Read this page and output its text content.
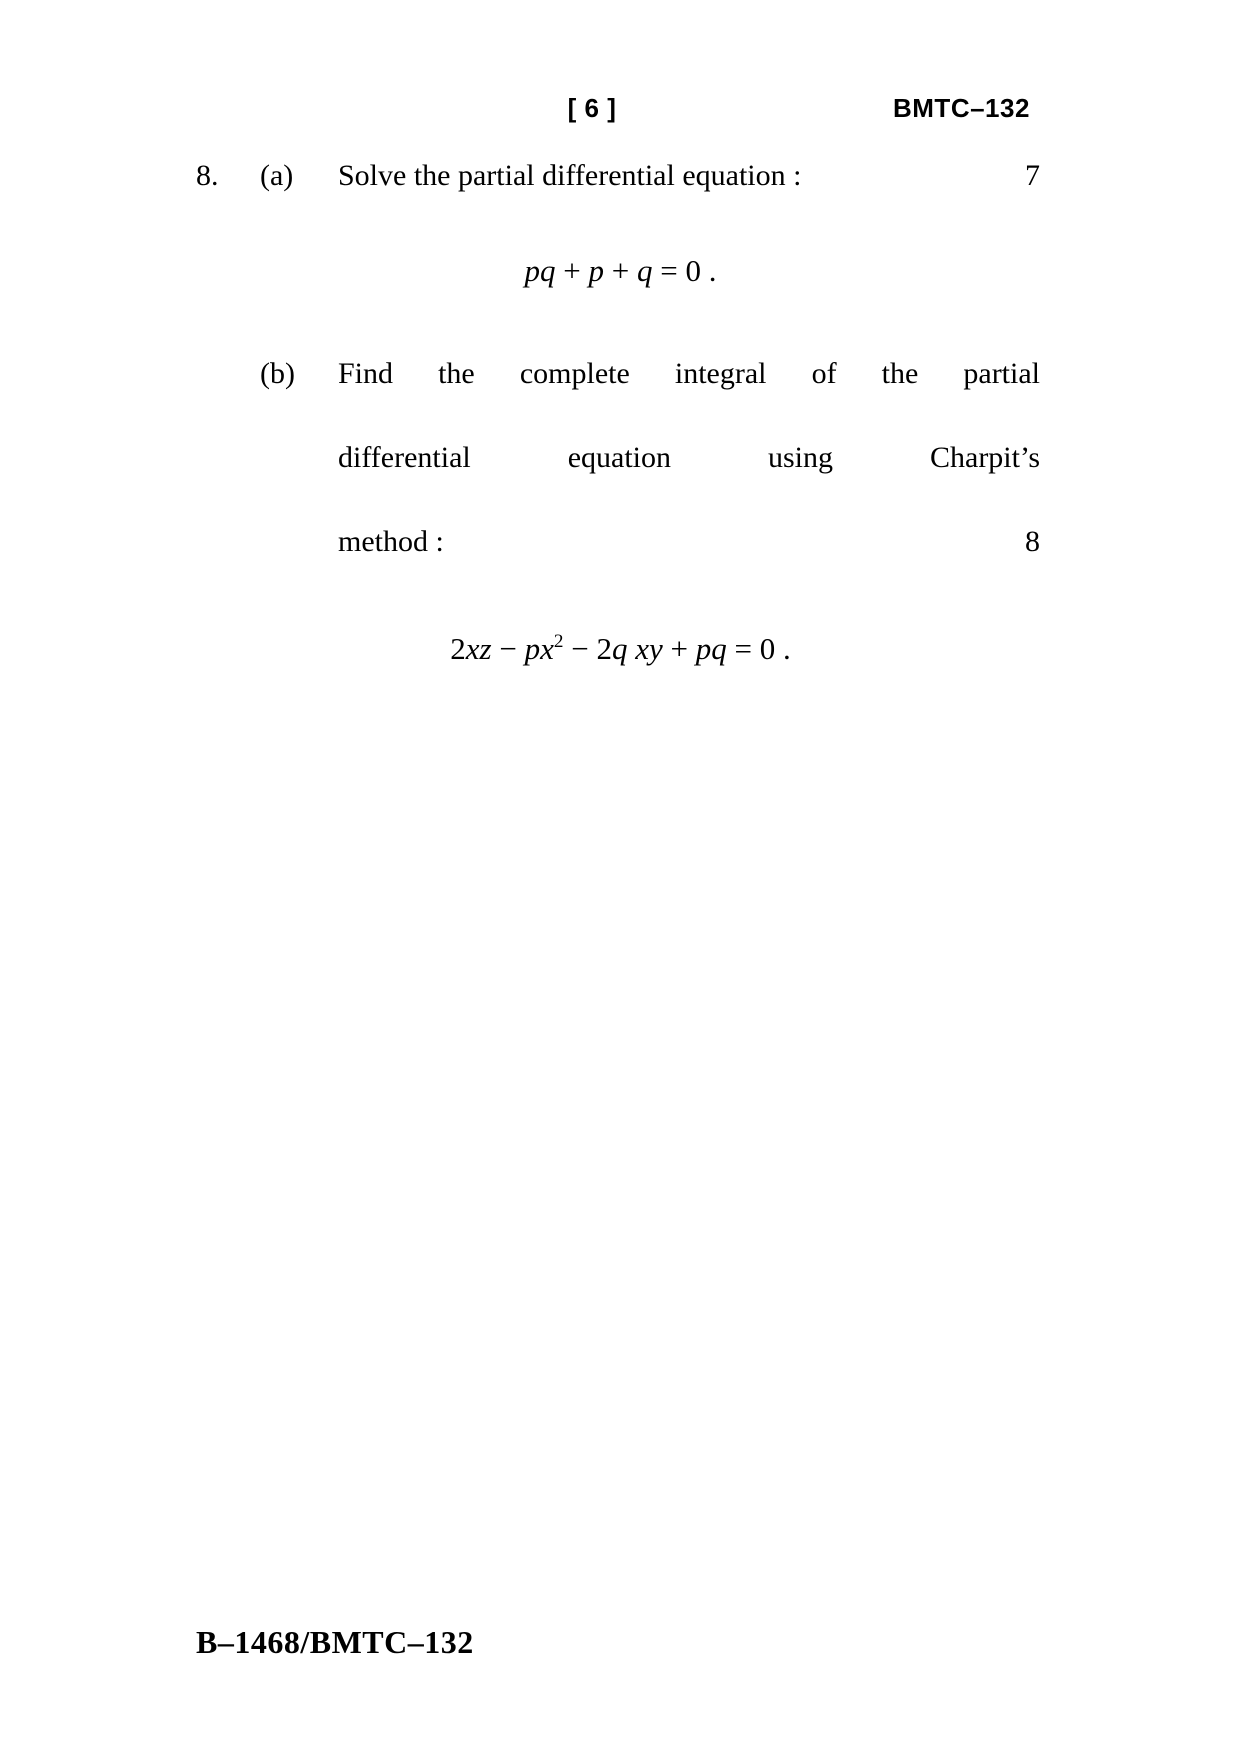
[ 6 ]	BMTC–132
8.	(a)	Solve the partial differential equation :	7
pq + p + q = 0 .
(b) Find the complete integral of the partial
differential equation using Charpit’s
method :	8
$2xz - px^2 - 2q$ xy + pq = 0 .
B–1468/BMTC–132
